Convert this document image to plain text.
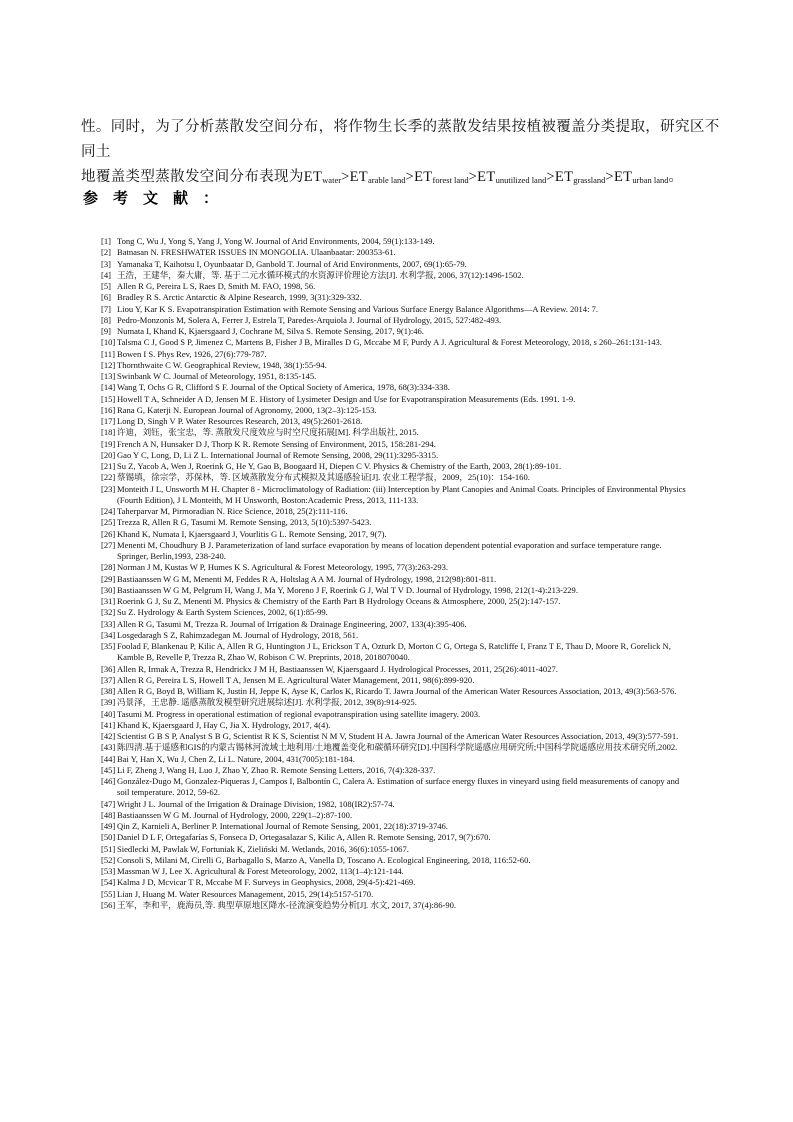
性。同时，为了分析蒸散发空间分布，将作物生长季的蒸散发结果按植被覆盖分类提取，研究区不同土
地覆盖类型蒸散发空间分布表现为$ET_{water}>ET_{arable land}>ET_{forest land}>ET_{unutilized land}>ET_{grassland}>ET_{urban land}$。
参考文献：
[1] Tong C, Wu J, Yong S, Yang J, Yong W. Journal of Arid Environments, 2004, 59(1):133-149.
[2] Batnasan N. FRESHWATER ISSUES IN MONGOLIA. Ulaanbaatar: 200353-61.
[3] Yamanaka T, Kaihotsu I, Oyunbaatar D, Ganbold T. Journal of Arid Environments, 2007, 69(1):65-79.
[4] 王浩，王建华，秦大庸，等. 基于二元水循环模式的水资源评价理论方法[J]. 水利学报, 2006, 37(12):1496-1502.
[5] Allen R G, Pereira L S, Raes D, Smith M. FAO, 1998, 56.
[6] Bradley R S. Arctic Antarctic & Alpine Research, 1999, 3(31):329-332.
[7] Liou Y, Kar K S. Evapotranspiration Estimation with Remote Sensing and Various Surface Energy Balance Algorithms—A Review. 2014: 7.
[8] Pedro-Monzonís M, Solera A, Ferrer J, Estrela T, Paredes-Arquiola J. Journal of Hydrology, 2015, 527:482-493.
[9] Numata I, Khand K, Kjaersgaard J, Cochrane M, Silva S. Remote Sensing, 2017, 9(1):46.
[10] Talsma C J, Good S P, Jimenez C, Martens B, Fisher J B, Miralles D G, Mccabe M F, Purdy A J. Agricultural & Forest Meteorology, 2018, s 260–261:131-143.
[11] Bowen I S. Phys Rev, 1926, 27(6):779-787.
[12] Thornthwaite C W. Geographical Review, 1948, 38(1):55-94.
[13] Swinbank W C. Journal of Meteorology, 1951, 8:135-145.
[14] Wang T, Ochs G R, Clifford S F. Journal of the Optical Society of America, 1978, 68(3):334-338.
[15] Howell T A, Schneider A D, Jensen M E. History of Lysimeter Design and Use for Evapotranspiration Measurements (Eds. 1991. 1-9.
[16] Rana G, Katerji N. European Journal of Agronomy, 2000, 13(2–3):125-153.
[17] Long D, Singh V P. Water Resources Research, 2013, 49(5):2601-2618.
[18] 许迪，刘钰，张宝忠，等. 蒸散发尺度效应与时空尺度拓展[M]. 科学出版社, 2015.
[19] French A N, Hunsaker D J, Thorp K R. Remote Sensing of Environment, 2015, 158:281-294.
[20] Gao Y C, Long, D, Li Z L. International Journal of Remote Sensing, 2008, 29(11):3295-3315.
[21] Su Z, Yacob A, Wen J, Roerink G, He Y, Gao B, Boogaard H, Diepen C V. Physics & Chemistry of the Earth, 2003, 28(1):89-101.
[22] 蔡锡填，徐宗学，苏保林，等. 区域蒸散发分布式模拟及其遥感验证[J]. 农业工程学报，2009，25(10)：154-160.
[23] Monteith J L, Unsworth M H. Chapter 8 - Microclimatology of Radiation: (iii) Interception by Plant Canopies and Animal Coats. Principles of Environmental Physics (Fourth Edition), J L Monteith, M H Unsworth, Boston:Academic Press, 2013, 111-133.
[24] Taherparvar M, Pirmoradian N. Rice Science, 2018, 25(2):111-116.
[25] Trezza R, Allen R G, Tasumi M. Remote Sensing, 2013, 5(10):5397-5423.
[26] Khand K, Numata I, Kjaersgaard J, Vourlitis G L. Remote Sensing, 2017, 9(7).
[27] Menenti M, Choudhury B J. Parameterization of land surface evaporation by means of location dependent potential evaporation and surface temperature range. Springer, Berlin,1993, 238-240.
[28] Norman J M, Kustas W P, Humes K S. Agricultural & Forest Meteorology, 1995, 77(3):263-293.
[29] Bastiaanssen W G M, Menenti M, Feddes R A, Holtslag A A M. Journal of Hydrology, 1998, 212(98):801-811.
[30] Bastiaanssen W G M, Pelgrum H, Wang J, Ma Y, Moreno J F, Roerink G J, Wal T V D. Journal of Hydrology, 1998, 212(1-4):213-229.
[31] Roerink G J, Su Z, Menenti M. Physics & Chemistry of the Earth Part B Hydrology Oceans & Atmosphere, 2000, 25(2):147-157.
[32] Su Z. Hydrology & Earth System Sciences, 2002, 6(1):85-99.
[33] Allen R G, Tasumi M, Trezza R. Journal of Irrigation & Drainage Engineering, 2007, 133(4):395-406.
[34] Losgedaragh S Z, Rahimzadegan M. Journal of Hydrology, 2018, 561.
[35] Foolad F, Blankenau P, Kilic A, Allen R G, Huntington J L, Erickson T A, Ozturk D, Morton C G, Ortega S, Ratcliffe I, Franz T E, Thau D, Moore R, Gorelick N, Kamble B, Revelle P, Trezza R, Zhao W, Robison C W. Preprints, 2018, 2018070040.
[36] Allen R, Irmak A, Trezza R, Hendrickx J M H, Bastiaanssen W, Kjaersgaard J. Hydrological Processes, 2011, 25(26):4011-4027.
[37] Allen R G, Pereira L S, Howell T A, Jensen M E. Agricultural Water Management, 2011, 98(6):899-920.
[38] Allen R G, Boyd B, William K, Justin H, Jeppe K, Ayse K, Carlos K, Ricardo T. Jawra Journal of the American Water Resources Association, 2013, 49(3):563-576.
[39] 冯景泽，王忠静. 遥感蒸散发模型研究进展综述[J]. 水利学报, 2012, 39(8):914-925.
[40] Tasumi M. Progress in operational estimation of regional evapotranspiration using satellite imagery. 2003.
[41] Khand K, Kjaersgaard J, Hay C, Jia X. Hydrology, 2017, 4(4).
[42] Scientist G B S P, Analyst S B G, Scientist R K S, Scientist N M V, Student H A. Jawra Journal of the American Water Resources Association, 2013, 49(3):577-591.
[43] 陈四清.基于遥感和GIS的内蒙古锡林河流域土地利用/土地覆盖变化和碳循环研究[D].中国科学院遥感应用研究所;中国科学院遥感应用技术研究所,2002.
[44] Bai Y, Han X, Wu J, Chen Z, Li L. Nature, 2004, 431(7005):181-184.
[45] Li F, Zheng J, Wang H, Luo J, Zhao Y, Zhao R. Remote Sensing Letters, 2016, 7(4):328-337.
[46] González-Dugo M, Gonzalez-Piqueras J, Campos I, Balbontín C, Calera A. Estimation of surface energy fluxes in vineyard using field measurements of canopy and soil temperature. 2012, 59-62.
[47] Wright J L. Journal of the Irrigation & Drainage Division, 1982, 108(IR2):57-74.
[48] Bastiaanssen W G M. Journal of Hydrology, 2000, 229(1–2):87-100.
[49] Qin Z, Karnieli A, Berliner P. International Journal of Remote Sensing, 2001, 22(18):3719-3746.
[50] Daniel D L F, Ortegafarías S, Fonseca D, Ortegasalazar S, Kilic A, Allen R. Remote Sensing, 2017, 9(7):670.
[51] Siedlecki M, Pawlak W, Fortuniak K, Zieliński M. Wetlands, 2016, 36(6):1055-1067.
[52] Consoli S, Milani M, Cirelli G, Barbagallo S, Marzo A, Vanella D, Toscano A. Ecological Engineering, 2018, 116:52-60.
[53] Massman W J, Lee X. Agricultural & Forest Meteorology, 2002, 113(1–4):121-144.
[54] Kalma J D, Mcvicar T R, Mccabe M F. Surveys in Geophysics, 2008, 29(4-5):421-469.
[55] Lian J, Huang M. Water Resources Management, 2015, 29(14):5157-5170.
[56] 王军，李和平，鹿海员,等. 典型草原地区降水-径流演变趋势分析[J]. 水文, 2017, 37(4):86-90.
